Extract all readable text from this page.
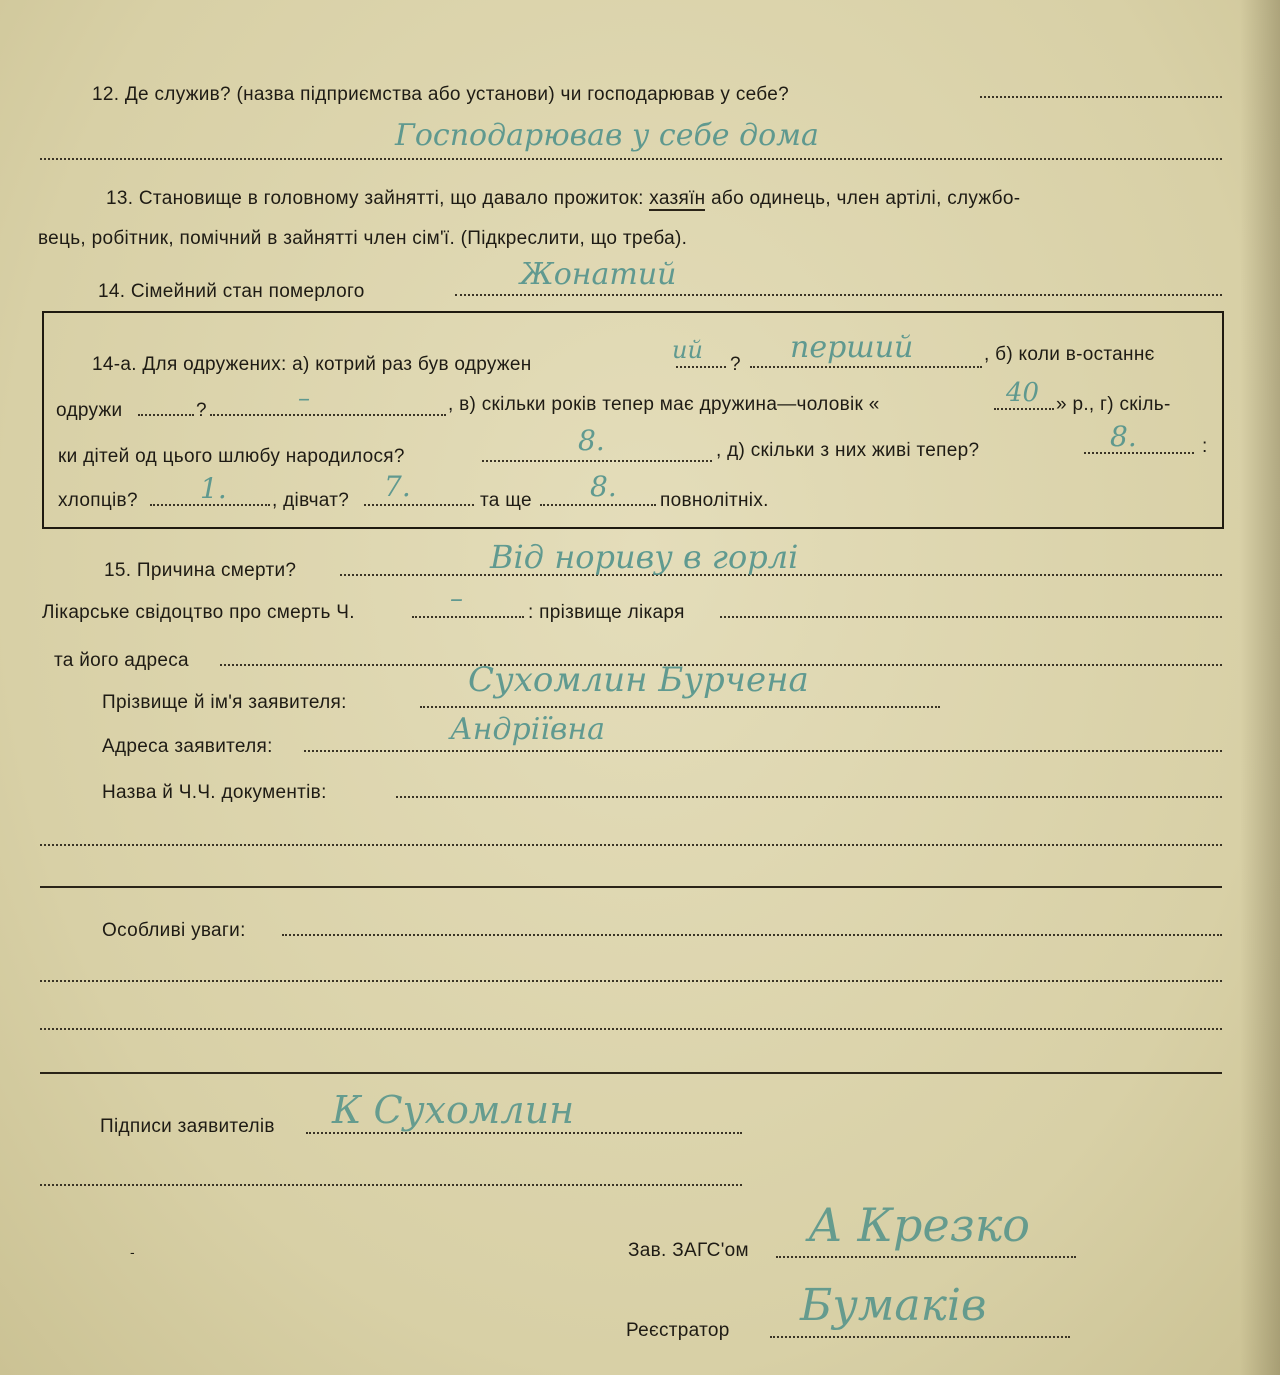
12. Де служив? (назва підприємства або установи) чи господарював у себе?
Господарював у себе дома
13. Становище в головному зайнятті, що давало прожиток: хазяїн або одинець, член артілі, службо-
вець, робітник, помічний в зайнятті член сім'ї. (Підкреслити, що треба).
14. Сімейний стан померлого	Жонатий
14-а. Для одружених: а) котрий раз був одружен
ий
? перший	, б) коли в-останнє
одружи	?	–	, в) скільки років тепер має дружина—чоловік «	40 » р., г) скіль-
ки дітей од цього шлюбу народилося?	8.	, д) скільки з них живі тепер?	8.	:
хлопців? 1. , дівчат? 7.	та ще 8. повнолітніх.
15. Причина смерти?	Від нориву в горлі
Лікарське свідоцтво про смерть Ч.	–	: прізвище лікаря
та його адреса
Прізвище й ім'я заявителя:
Сухомлин Бурчена
Адреса заявителя:	Андріївна
Назва й Ч.Ч. документів:
Особливі уваги:
Підписи заявителів К Сухомлин
-	Зав. ЗАГС'ом А Крезко
Реєстратор Бумаків
